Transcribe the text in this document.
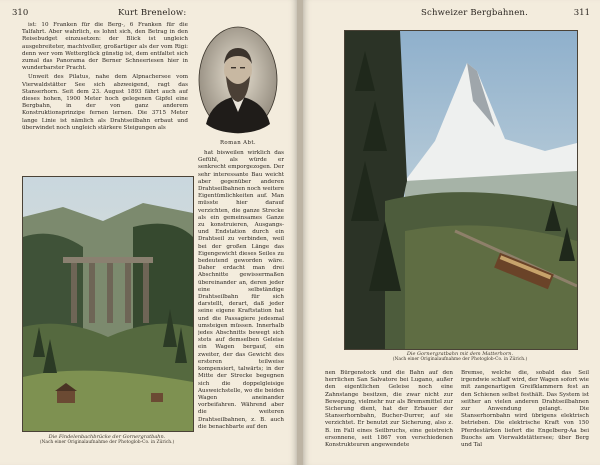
310	Kurt Brenelow:

ist: 10 Franken für die Berg-, 6 Franken für die Talfahrt. Aber wahrlich, es lohnt sich, den Betrag in den Reisebudget einzusetzen: der Blick ist ungleich ausgebreiteter, machtvoller, großartiger als der vom Rigi: denn wer vom Wetterglück günstig ist, dem entfaltet sich zumal das Panorama der Berner Schneeriesen hier in wunderbarster Pracht.

Unweit des Pilatus, nahe dem Alpnachersee vom Vierwaldstätter See sich abzweigend, ragt das Stanserhorn. Seit dem 23. August 1893 fährt auch auf dieses hohen, 1900 Meter hoch gelegenen Gipfel eine Bergbahn, in der von ganz anderem Konstruktionsprinzipe fernen lernen. Die 3715 Meter lange Linie ist nämlich als Drahtseilbahn erbaut und überwindet noch ungleich stärkere Steigungen als

Roman Abt.
Die Findelenbachbrücke der Gornergratbahn.
(Nach einer Originalaufnahme der Photoglob-Co. in Zürich.)

hat bisweilen wirklich das Gefühl, als würde er senkrecht emporgezogen. Der sehr interessante Bau weicht aber gegenüber anderen Drahtseilbahnen noch weitere Eigentümlichkeiten auf. Man müsste hier darauf verzichten, die ganze Strecke als ein gemeinsames Ganze zu konstruieren, Ausgangs- und Endstation durch ein Drahtseil zu verbinden, weil bei der großen Länge das Eigengewicht dieses Seiles zu bedeutend geworden wäre. Daher erdacht man drei Abschnitte gewissermaßen übereinander an, deren jeder eine selbständige Drahtseilbahn für sich darstellt, derart, daß jeder seine eigene Kraftstation hat und die Passagiere jedesmal umsteigen müssen. Innerhalb jedes Abschnitts bewegt sich stets auf demselben Geleise ein Wagen bergauf, ein zweiter, der das Gewicht des ersteren teilweise kompensiert, talwärts; in der Mitte der Strecke begegnen sich die doppelgleisige Ausweichstelle, wo die beiden Wagen aneinander vorbeifahren. Während aber die weiteren Drahtseilbahnen, z. B. auch die benachbarte auf den

Schweizer Bergbahnen.	311
Die Gornergratbahn mit dem Matterhorn.
(Nach einer Originalaufnahme der Photoglob-Co. in Zürich.)

nen Bürgenstock und die Bahn auf den herrlichen San Salvatore bei Lugano, außer den eigentlichen Geleise noch eine Zahnstange besitzen, die zwar nicht zur Bewegung, vielmehr nur als Bremsmittel zur Sicherung dient, hat der Erbauer der Stanserhornbahn, Bucher-Durrer, auf sie verzichtet. Er benutzt zur Sicherung, also z. B. im Fall eines Seilbruchs, eine geistreich ersonnene, seit 1867 von verschiedenen Konstrukteuren angewendete

Bremse, welche die, sobald das Seil irgendwie schlaff wird, der Wagen sofort wie mit zangenartigen Greifklammern fest an den Schienen selbst festhält. Das System ist seither an vielen anderen Drahtseilbahnen zur Anwendung gelangt. Die Stanserhornbahn wird übrigens elektrisch betrieben. Die elektrische Kraft von 150 Pferdestärken liefert die Engelberg-Aa bei Buochs am Vierwaldstättersee; über Berg und Tal
